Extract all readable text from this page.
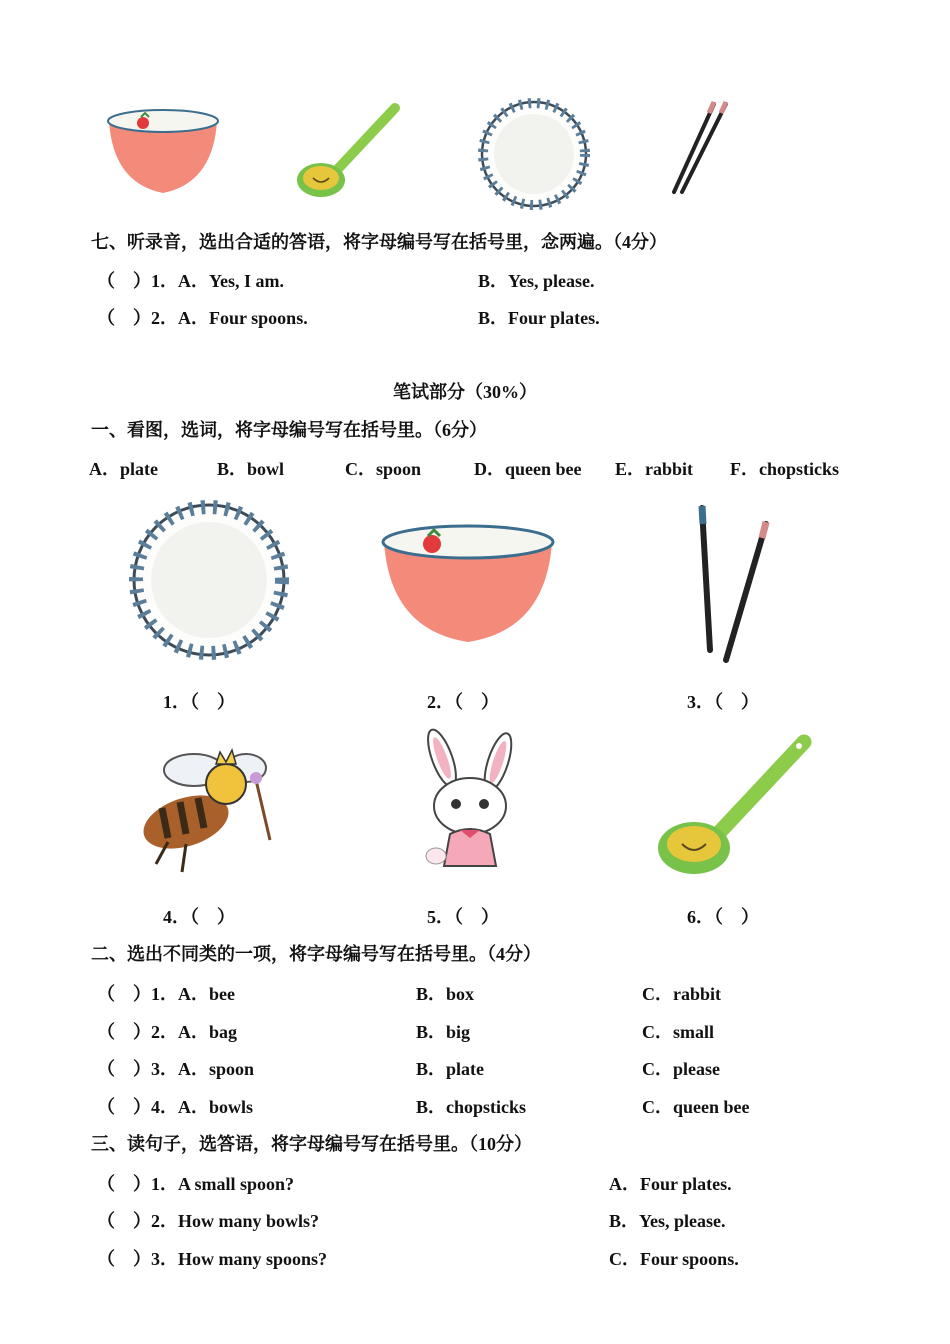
七、听录音，选出合适的答语，将字母编号写在括号里，念两遍。（4分）
（　）1．A．Yes, I am.	B．Yes, please.
（　）2．A．Four spoons.	B．Four plates.
笔试部分（30%）
一、看图，选词，将字母编号写在括号里。（6分）
A．plate	B．bowl	C．spoon	D．queen bee E．rabbit F．chopsticks
1．（　）	2．（　）	3．（　）
4．（　）	5．（　）	6．（　）
二、选出不同类的一项，将字母编号写在括号里。（4分）
（　）1．A．bee	B．box	C．rabbit
（　）2．A．bag	B．big	C．small
（　）3．A．spoon	B．plate	C．please
（　）4．A．bowls	B．chopsticks	C．queen bee
三、读句子，选答语，将字母编号写在括号里。（10分）
（　）1．A small spoon?	A．Four plates.
（　）2．How many bowls?	B．Yes, please.
（　）3．How many spoons?	C．Four spoons.
